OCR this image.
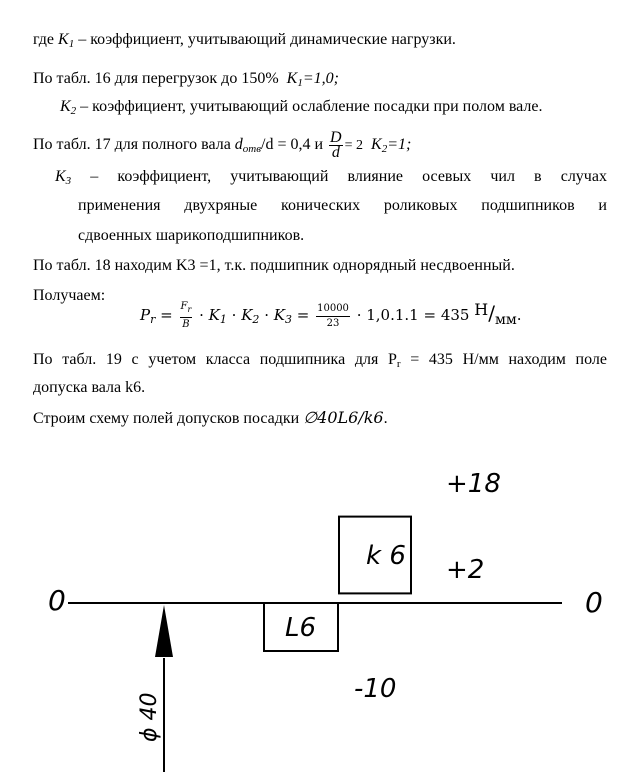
где $K_1$ – коэффициент, учитывающий динамические нагрузки.
По табл. 16 для перегрузок до 150% $K_1=1,0$;
$K_2$ – коэффициент, учитывающий ослабление посадки при полом вале.
По табл. 17 для полного вала $d_{отв}/d = 0,4$ и $\frac{D}{d} = 2$ $K_2=1$;
$K_3$ – коэффициент, учитывающий влияние осевых чил в случах
применения двухряные конических роликовых подшипников и
сдвоенных шарикоподшипников.
По табл. 18 находим K3 =1, т.к. подшипник однорядный несдвоенный.
Получаем:
$P_r = \frac{F_r}{B} \cdot K_1 \cdot K_2 \cdot K_3 = \frac{10000}{23} \cdot 1,0.1.1 = 435$ Н/мм.
По табл. 19 с учетом класса подшипника для $P_r = 435$ Н/мм находим поле
допуска вала k6.
Строим схему полей допусков посадки ∅40L6/k6.
0	0
k 6
L6
+18
+2
-10
ϕ 40
